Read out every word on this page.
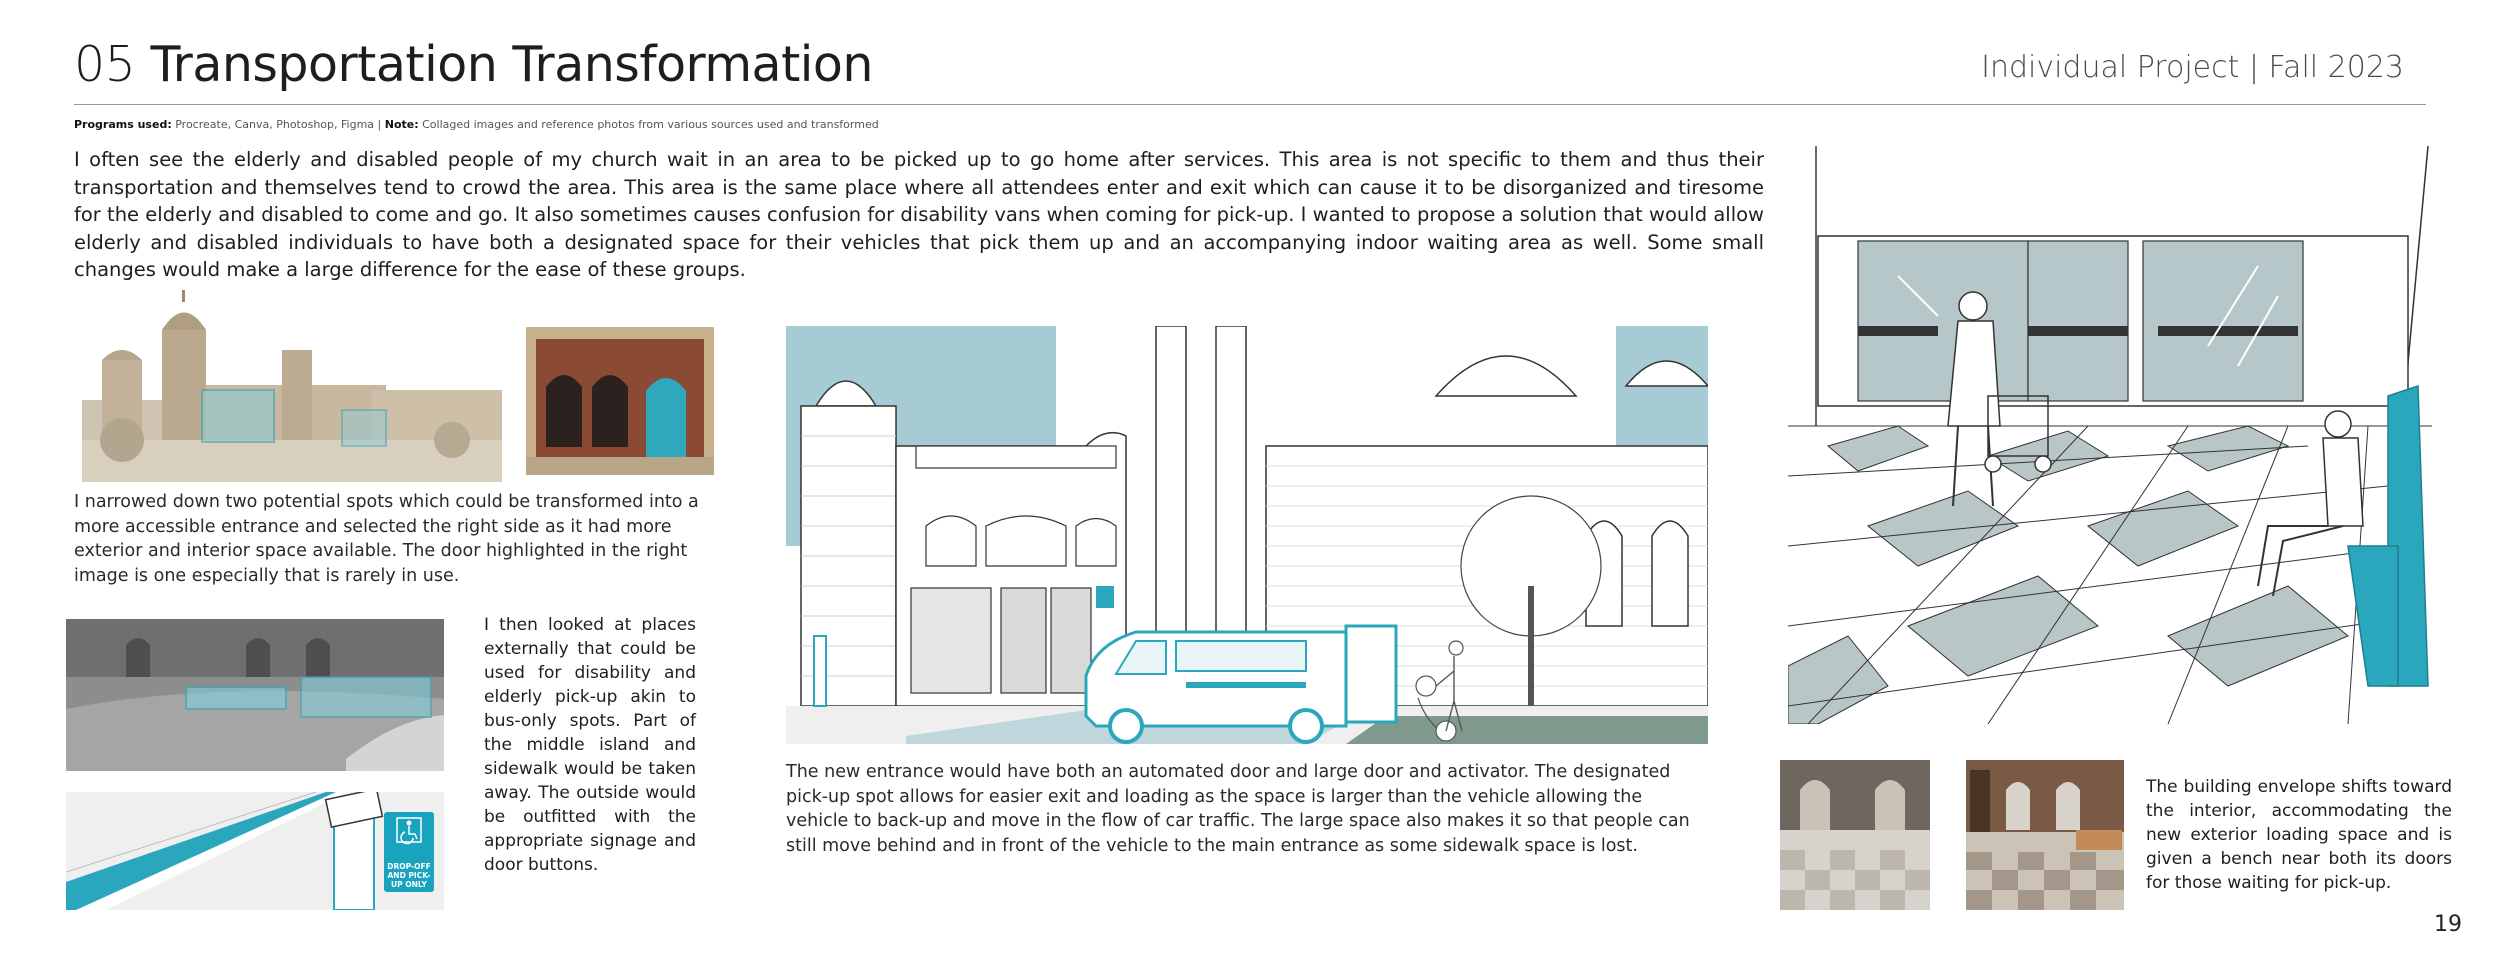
05 Transportation Transformation	Individual Project | Fall 2023
Programs used: Procreate, Canva, Photoshop, Figma | Note: Collaged images and reference photos from various sources used and transformed
I often see the elderly and disabled people of my church wait in an area to be picked up to go home after services. This area is not specific to them and thus their transportation and themselves tend to crowd the area. This area is the same place where all attendees enter and exit which can cause it to be disorganized and tiresome for the elderly and disabled to come and go. It also sometimes causes confusion for disability vans when coming for pick-up. I wanted to propose a solution that would allow elderly and disabled individuals to have both a designated space for their vehicles that pick them up and an accompanying indoor waiting area as well. Some small changes would make a large difference for the ease of these groups.
I narrowed down two potential spots which could be transformed into a more accessible entrance and selected the right side as it had more exterior and interior space available. The door highlighted in the right image is one especially that is rarely in use.
DROP-OFF AND PICK-UP ONLY
I then looked at places externally that could be used for disability and elderly pick-up akin to bus-only spots. Part of the middle island and sidewalk would be taken away. The outside would be outfitted with the appropriate signage and door buttons.
The new entrance would have both an automated door and large door and activator. The designated pick-up spot allows for easier exit and loading as the space is larger than the vehicle allowing the vehicle to back-up and move in the flow of car traffic. The large space also makes it so that people can still move behind and in front of the vehicle to the main entrance as some sidewalk space is lost.
The building envelope shifts toward the interior, accommodating the new exterior loading space and is given a bench near both its doors for those waiting for pick-up.
19
